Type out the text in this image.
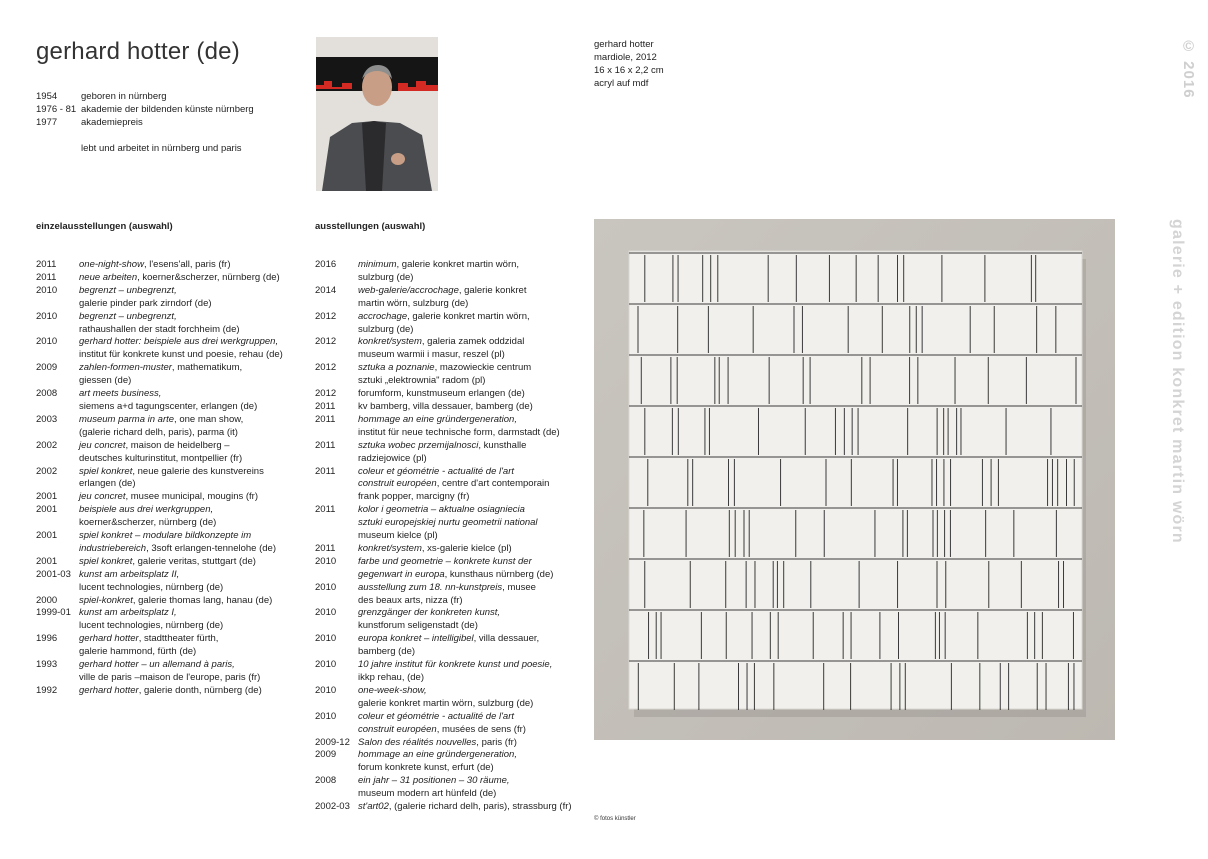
gerhard hotter (de)
1954	geboren in nürnberg
1976 - 81 akademie der bildenden künste nürnberg
1977	akademiepreis
lebt und arbeitet in nürnberg und paris
gerhard hotter
mardiole, 2012
16 x 16 x 2,2 cm
acryl auf mdf	© 2016
galerie + edition konkret martin wörn
einzelausstellungen (auswahl)	ausstellungen (auswahl)
2011	one-night-show, l'esens'all, paris (fr)
2011	neue arbeiten, koerner&scherzer, nürnberg (de)
2010	begrenzt – unbegrenzt,
galerie pinder park zirndorf (de)
2010	begrenzt – unbegrenzt,
rathaushallen der stadt forchheim (de)
2010	gerhard hotter: beispiele aus drei werkgruppen,
institut für konkrete kunst und poesie, rehau (de)
2009	zahlen-formen-muster, mathematikum,
giessen (de)
2008	art meets business,
siemens a+d tagungscenter, erlangen (de)
2003	museum parma in arte, one man show,
(galerie richard delh, paris), parma (it)
2002	jeu concret, maison de heidelberg –
deutsches kulturinstitut, montpellier (fr)
2002	spiel konkret, neue galerie des kunstvereins
erlangen (de)
2001	jeu concret, musee municipal, mougins (fr)
2001	beispiele aus drei werkgruppen,
koerner&scherzer, nürnberg (de)
2001	spiel konkret – modulare bildkonzepte im
industriebereich, 3soft erlangen-tennelohe (de)
2001	spiel konkret, galerie veritas, stuttgart (de)
2001-03 kunst am arbeitsplatz II,
lucent technologies, nürnberg (de)
2000	spiel-konkret, galerie thomas lang, hanau (de)
1999-01 kunst am arbeitsplatz I,
lucent technologies, nürnberg (de)
1996	gerhard hotter, stadttheater fürth,
galerie hammond, fürth (de)
1993	gerhard hotter – un allemand à paris,
ville de paris –maison de l'europe, paris (fr)
1992	gerhard hotter, galerie donth, nürnberg (de)
2016	minimum, galerie konkret martin wörn,
sulzburg (de)
2014	web-galerie/accrochage, galerie konkret
martin wörn, sulzburg (de)
2012	accrochage, galerie konkret martin wörn,
sulzburg (de)
2012	konkret/system, galeria zamek oddzidal
museum warmii i masur, reszel (pl)
2012	sztuka a poznanie, mazowieckie centrum
sztuki „elektrownia" radom (pl)
2012	forumform, kunstmuseum erlangen (de)
2011	kv bamberg, villa dessauer, bamberg (de)
2011	hommage an eine gründergeneration,
institut für neue technische form, darmstadt (de)
2011	sztuka wobec przemijalnosci, kunsthalle
radziejowice (pl)
2011	coleur et géométrie - actualité de l'art
construit européen, centre d'art contemporain
frank popper, marcigny (fr)
2011	kolor i geometria – aktualne osiagniecia
sztuki europejskiej nurtu geometrii national
museum kielce (pl)
2011	konkret/system, xs-galerie kielce (pl)
2010	farbe und geometrie – konkrete kunst der
gegenwart in europa, kunsthaus nürnberg (de)
2010	ausstellung zum 18. nn-kunstpreis, musee
des beaux arts, nizza (fr)
2010	grenzgänger der konkreten kunst,
kunstforum seligenstadt (de)
2010	europa konkret – intelligibel, villa dessauer,
bamberg (de)
2010	10 jahre institut für konkrete kunst und poesie,
ikkp rehau, (de)
2010	one-week-show,
galerie konkret martin wörn, sulzburg (de)
2010	coleur et géométrie - actualité de l'art
construit européen, musées de sens (fr)
2009-12 Salon des réalités nouvelles, paris (fr)
2009	hommage an eine gründergeneration,
forum konkrete kunst, erfurt (de)
2008	ein jahr – 31 positionen – 30 räume,
museum modern art hünfeld (de)
2002-03 st'art02, (galerie richard delh, paris), strassburg (fr)
© fotos künstler
